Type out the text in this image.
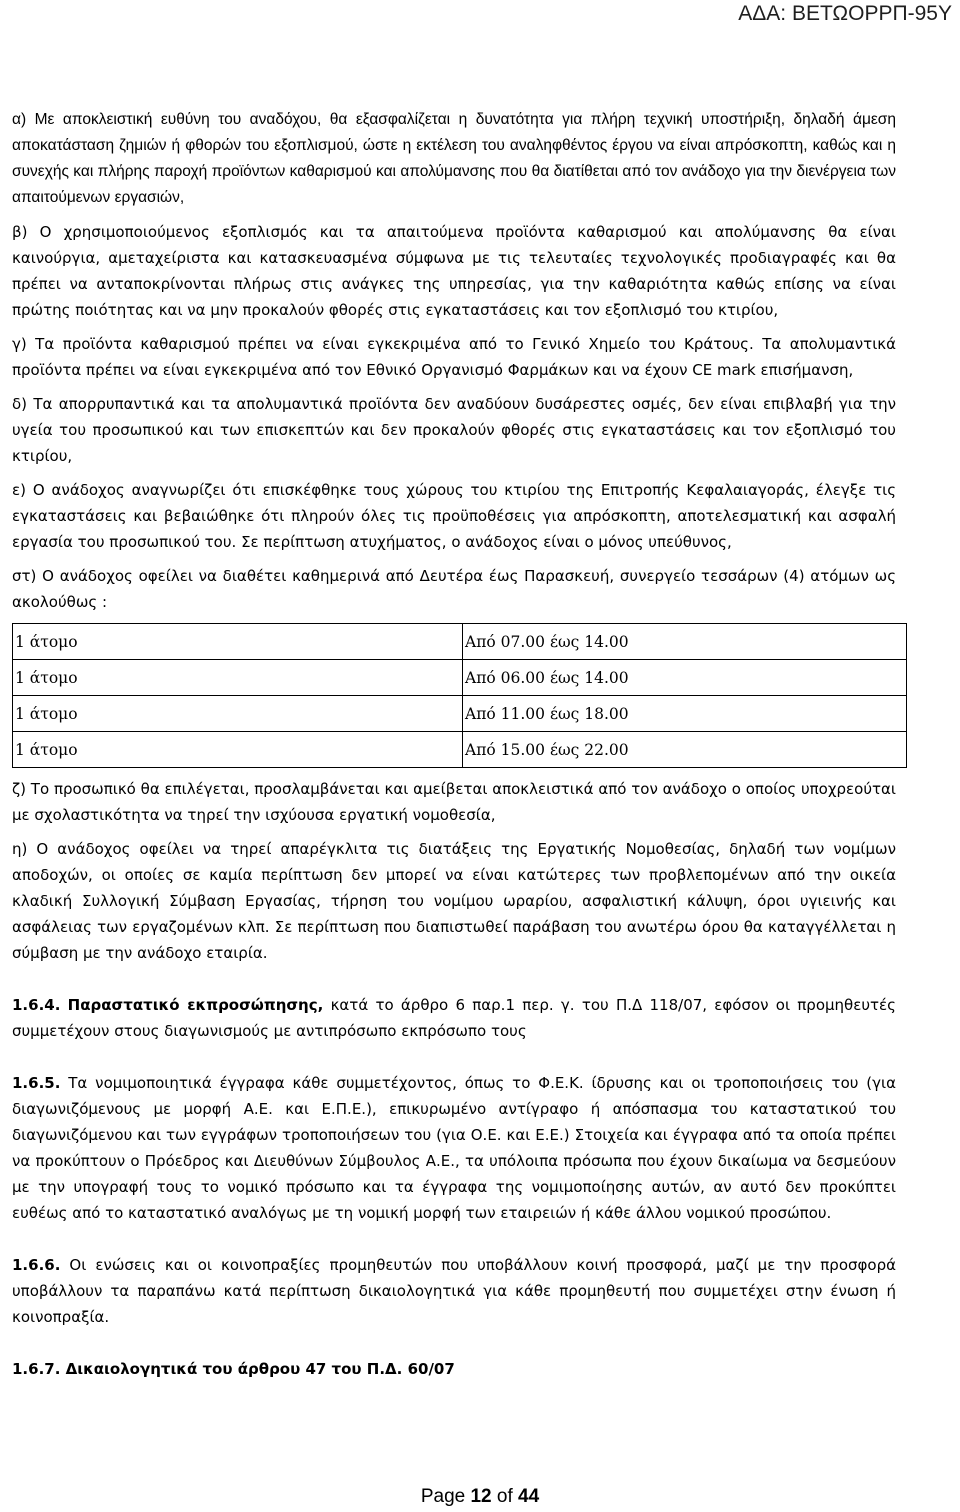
ΑΔΑ: ΒΕΤΩΟΡΡΠ-95Υ

α) Με αποκλειστική ευθύνη του αναδόχου, θα εξασφαλίζεται η δυνατότητα για πλήρη τεχνική υποστήριξη, δηλαδή άμεση αποκατάσταση ζημιών ή φθορών του εξοπλισμού, ώστε η εκτέλεση του αναληφθέντος έργου να είναι απρόσκοπτη, καθώς και η συνεχής και πλήρης παροχή προϊόντων καθαρισμού και απολύμανσης που θα διατίθεται από τον ανάδοχο για την διενέργεια των απαιτούμενων εργασιών,

β) Ο χρησιμοποιούμενος εξοπλισμός και τα απαιτούμενα προϊόντα καθαρισμού και απολύμανσης θα είναι καινούργια, αμεταχείριστα και κατασκευασμένα σύμφωνα με τις τελευταίες τεχνολογικές προδιαγραφές και θα πρέπει να ανταποκρίνονται πλήρως στις ανάγκες της υπηρεσίας, για την καθαριότητα καθώς επίσης να είναι πρώτης ποιότητας και να μην προκαλούν φθορές στις εγκαταστάσεις και τον εξοπλισμό του κτιρίου,

γ) Τα προϊόντα καθαρισμού πρέπει να είναι εγκεκριμένα από το Γενικό Χημείο του Κράτους. Τα απολυμαντικά προϊόντα πρέπει να είναι εγκεκριμένα από τον Εθνικό Οργανισμό Φαρμάκων και να έχουν CE mark επισήμανση,

δ) Τα απορρυπαντικά και τα απολυμαντικά προϊόντα δεν αναδύουν δυσάρεστες οσμές, δεν είναι επιβλαβή για την υγεία του προσωπικού και των επισκεπτών και δεν προκαλούν φθορές στις εγκαταστάσεις και τον εξοπλισμό του κτιρίου,

ε) Ο ανάδοχος αναγνωρίζει ότι επισκέφθηκε τους χώρους του κτιρίου της Επιτροπής Κεφαλαιαγοράς, έλεγξε τις εγκαταστάσεις και βεβαιώθηκε ότι πληρούν όλες τις προϋποθέσεις για απρόσκοπτη, αποτελεσματική και ασφαλή εργασία του προσωπικού του. Σε περίπτωση ατυχήματος, ο ανάδοχος είναι ο μόνος υπεύθυνος,

στ) Ο ανάδοχος οφείλει να διαθέτει καθημερινά από Δευτέρα έως Παρασκευή, συνεργείο τεσσάρων (4) ατόμων ως ακολούθως :

1 άτομο	Από 07.00 έως 14.00
1 άτομο	Από 06.00 έως 14.00
1 άτομο	Από 11.00 έως 18.00
1 άτομο	Από 15.00 έως 22.00

ζ) Το προσωπικό θα επιλέγεται, προσλαμβάνεται και αμείβεται αποκλειστικά από τον ανάδοχο ο οποίος υποχρεούται με σχολαστικότητα να τηρεί την ισχύουσα εργατική νομοθεσία,

η) Ο ανάδοχος οφείλει να τηρεί απαρέγκλιτα τις διατάξεις της Εργατικής Νομοθεσίας, δηλαδή των νομίμων αποδοχών, οι οποίες σε καμία περίπτωση δεν μπορεί να είναι κατώτερες των προβλεπομένων από την οικεία κλαδική Συλλογική Σύμβαση Εργασίας, τήρηση του νομίμου ωραρίου, ασφαλιστική κάλυψη, όροι υγιεινής και ασφάλειας των εργαζομένων κλπ. Σε περίπτωση που διαπιστωθεί παράβαση του ανωτέρω όρου θα καταγγέλλεται η σύμβαση με την ανάδοχο εταιρία.

1.6.4. Παραστατικό εκπροσώπησης, κατά το άρθρο 6 παρ.1 περ. γ. του Π.Δ 118/07, εφόσον οι προμηθευτές συμμετέχουν στους διαγωνισμούς με αντιπρόσωπο εκπρόσωπο τους

1.6.5. Τα νομιμοποιητικά έγγραφα κάθε συμμετέχοντος, όπως το Φ.Ε.Κ. ίδρυσης και οι τροποποιήσεις του (για διαγωνιζόμενους με μορφή Α.Ε. και Ε.Π.Ε.), επικυρωμένο αντίγραφο ή απόσπασμα του καταστατικού του διαγωνιζόμενου και των εγγράφων τροποποιήσεων του (για Ο.Ε. και Ε.Ε.) Στοιχεία και έγγραφα από τα οποία πρέπει να προκύπτουν ο Πρόεδρος και Διευθύνων Σύμβουλος Α.Ε., τα υπόλοιπα πρόσωπα που έχουν δικαίωμα να δεσμεύουν με την υπογραφή τους το νομικό πρόσωπο και τα έγγραφα της νομιμοποίησης αυτών, αν αυτό δεν προκύπτει ευθέως από το καταστατικό αναλόγως με τη νομική μορφή των εταιρειών ή κάθε άλλου νομικού προσώπου.

1.6.6. Οι ενώσεις και οι κοινοπραξίες προμηθευτών που υποβάλλουν κοινή προσφορά, μαζί με την προσφορά υποβάλλουν τα παραπάνω κατά περίπτωση δικαιολογητικά για κάθε προμηθευτή που συμμετέχει στην ένωση ή κοινοπραξία.

1.6.7. Δικαιολογητικά του άρθρου 47 του Π.Δ. 60/07

Page 12 of 44
